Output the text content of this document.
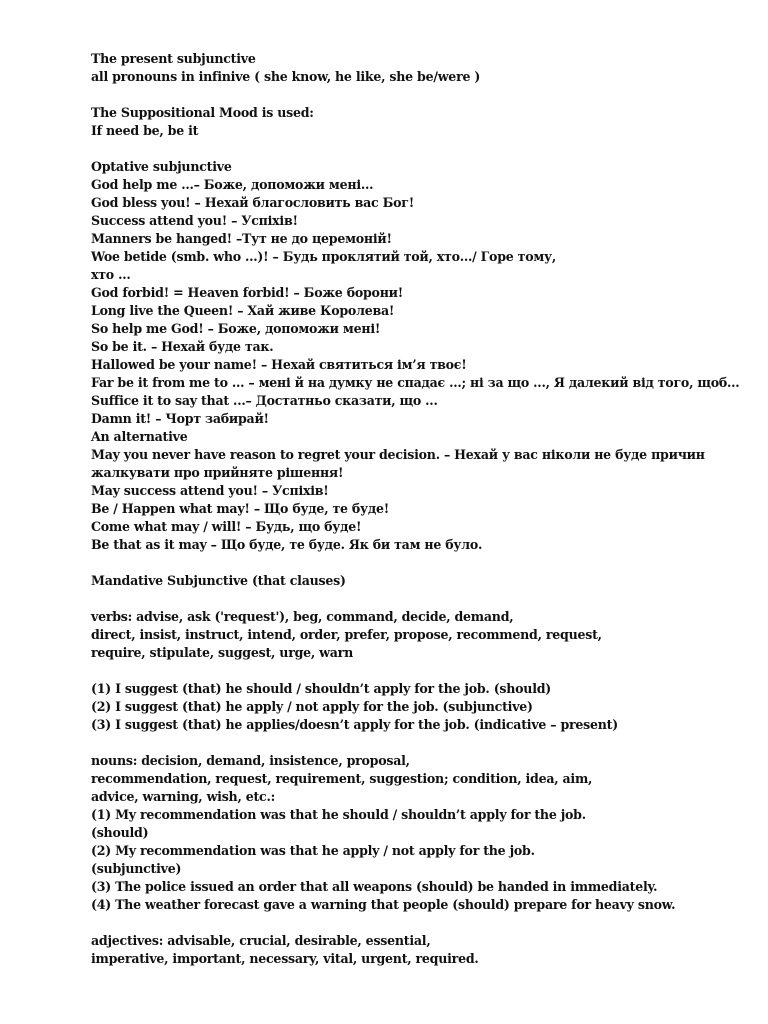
The present subjunctive
all pronouns in infinive ( she know, he like, she be/were )
The Suppositional Mood is used:
If need be, be it
Optative subjunctive
God help me ...– Боже, допоможи мені...
God bless you! – Нехай благословить вас Бог!
Success attend you! – Успіхів!
Manners be hanged! –Тут не до церемоній!
Woe betide (smb. who ...)! – Будь проклятий той, хто.../ Горе тому,
хто ...
God forbid! = Heaven forbid! – Боже борони!
Long live the Queen! – Хай живе Королева!
So help me God! – Боже, допоможи мені!
So be it. – Нехай буде так.
Hallowed be your name! – Нехай святиться ім’я твоє!
Far be it from me to ... – мені й на думку не спадає ...; ні за що ..., Я далекий від того, щоб...
Suffice it to say that ...– Достатньо сказати, що ...
Damn it! – Чорт забирай!
An alternative
May you never have reason to regret your decision. – Нехай у вас ніколи не буде причин
жалкувати про прийняте рішення!
May success attend you! – Успіхів!
Be / Happen what may! – Що буде, те буде!
Come what may / will! – Будь, що буде!
Be that as it may – Що буде, те буде. Як би там не було.
Mandative Subjunctive (that clauses)
verbs: advise, ask ('request'), beg, command, decide, demand,
direct, insist, instruct, intend, order, prefer, propose, recommend, request,
require, stipulate, suggest, urge, warn
(1) I suggest (that) he should / shouldn’t apply for the job. (should)
(2) I suggest (that) he apply / not apply for the job. (subjunctive)
(3) I suggest (that) he applies/doesn’t apply for the job. (indicative – present)
nouns: decision, demand, insistence, proposal,
recommendation, request, requirement, suggestion; condition, idea, aim,
advice, warning, wish, etc.:
(1) My recommendation was that he should / shouldn’t apply for the job.
(should)
(2) My recommendation was that he apply / not apply for the job.
(subjunctive)
(3) The police issued an order that all weapons (should) be handed in immediately.
(4) The weather forecast gave a warning that people (should) prepare for heavy snow.
adjectives: advisable, crucial, desirable, essential,
imperative, important, necessary, vital, urgent, required.
